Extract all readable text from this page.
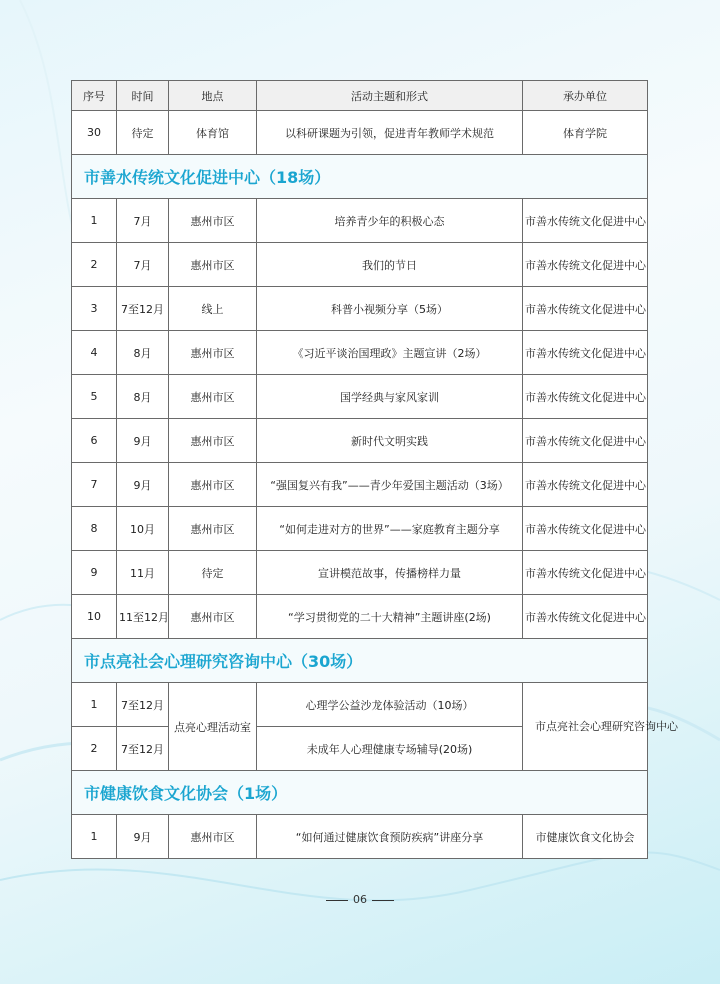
序号	时间	地点	活动主题和形式	承办单位
30	待定	体育馆	以科研课题为引领，促进青年教师学术规范	体育学院
市善水传统文化促进中心（18场）				
1	7月	惠州市区	培养青少年的积极心态	市善水传统文化促进中心
2	7月	惠州市区	我们的节日	市善水传统文化促进中心
3	7至12月	线上	科普小视频分享（5场）	市善水传统文化促进中心
4	8月	惠州市区	《习近平谈治国理政》主题宣讲（2场）	市善水传统文化促进中心
5	8月	惠州市区	国学经典与家风家训	市善水传统文化促进中心
6	9月	惠州市区	新时代文明实践	市善水传统文化促进中心
7	9月	惠州市区	“强国复兴有我”——青少年爱国主题活动（3场）	市善水传统文化促进中心
8	10月	惠州市区	“如何走进对方的世界”——家庭教育主题分享	市善水传统文化促进中心
9	11月	待定	宣讲模范故事，传播榜样力量	市善水传统文化促进中心
10	11至12月	惠州市区	“学习贯彻党的二十大精神”主题讲座(2场)	市善水传统文化促进中心
市点亮社会心理研究咨询中心（30场）				
1	7至12月	点亮心理活动室	心理学公益沙龙体验活动（10场）	市点亮社会心理研究咨询中心
2	7至12月		未成年人心理健康专场辅导(20场)	
市健康饮食文化协会（1场）				
1	9月	惠州市区	“如何通过健康饮食预防疾病”讲座分享	市健康饮食文化协会
06
